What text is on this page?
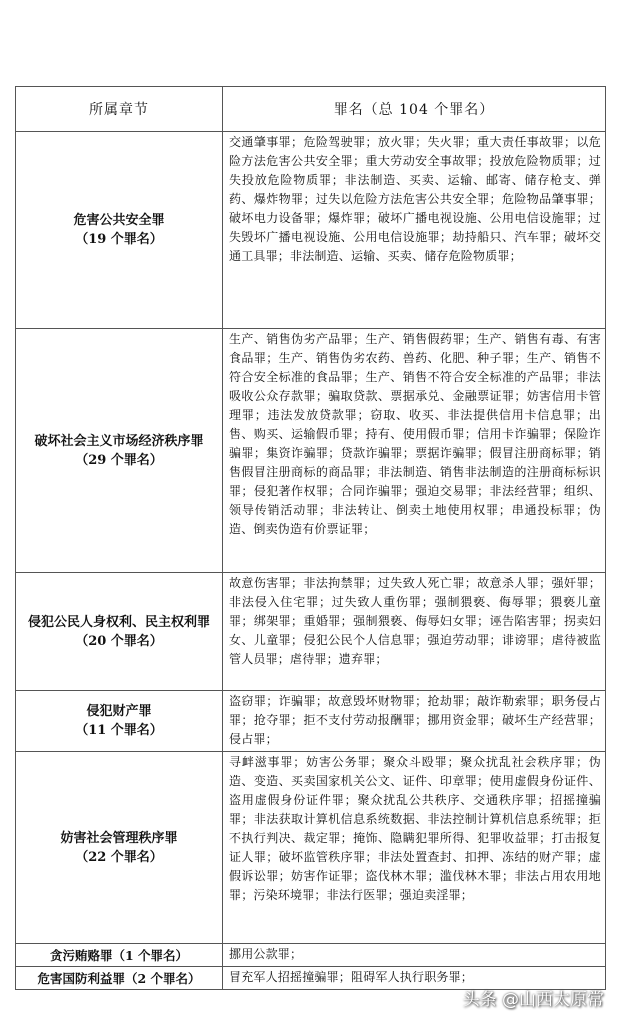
所属章节	罪名（总 104 个罪名）

危害公共安全罪
（19 个罪名）	交通肇事罪；危险驾驶罪；放火罪；失火罪；重大责任事故罪；以危险方法危害公共安全罪；重大劳动安全事故罪；投放危险物质罪；过失投放危险物质罪；非法制造、买卖、运输、邮寄、储存枪支、弹药、爆炸物罪；过失以危险方法危害公共安全罪；危险物品肇事罪；破坏电力设备罪；爆炸罪；破坏广播电视设施、公用电信设施罪；过失毁坏广播电视设施、公用电信设施罪；劫持船只、汽车罪；破坏交通工具罪；非法制造、运输、买卖、储存危险物质罪；

破坏社会主义市场经济秩序罪
（29 个罪名）	生产、销售伪劣产品罪；生产、销售假药罪；生产、销售有毒、有害食品罪；生产、销售伪劣农药、兽药、化肥、种子罪；生产、销售不符合安全标准的食品罪；生产、销售不符合安全标准的产品罪；非法吸收公众存款罪；骗取贷款、票据承兑、金融票证罪；妨害信用卡管理罪；违法发放贷款罪；窃取、收买、非法提供信用卡信息罪；出售、购买、运输假币罪；持有、使用假币罪；信用卡诈骗罪；保险诈骗罪；集资诈骗罪；贷款诈骗罪；票据诈骗罪；假冒注册商标罪；销售假冒注册商标的商品罪；非法制造、销售非法制造的注册商标标识罪；侵犯著作权罪；合同诈骗罪；强迫交易罪；非法经营罪；组织、领导传销活动罪；非法转让、倒卖土地使用权罪；串通投标罪；伪造、倒卖伪造有价票证罪；

侵犯公民人身权利、民主权利罪
（20 个罪名）	故意伤害罪；非法拘禁罪；过失致人死亡罪；故意杀人罪；强奸罪；非法侵入住宅罪；过失致人重伤罪；强制猥亵、侮辱罪；猥亵儿童罪；绑架罪；重婚罪；强制猥亵、侮辱妇女罪；诬告陷害罪；拐卖妇女、儿童罪；侵犯公民个人信息罪；强迫劳动罪；诽谤罪；虐待被监管人员罪；虐待罪；遗弃罪；

侵犯财产罪
（11 个罪名）	盗窃罪；诈骗罪；故意毁坏财物罪；抢劫罪；敲诈勒索罪；职务侵占罪；抢夺罪；拒不支付劳动报酬罪；挪用资金罪；破坏生产经营罪；侵占罪；

妨害社会管理秩序罪
（22 个罪名）	寻衅滋事罪；妨害公务罪；聚众斗殴罪；聚众扰乱社会秩序罪；伪造、变造、买卖国家机关公文、证件、印章罪；使用虚假身份证件、盗用虚假身份证件罪；聚众扰乱公共秩序、交通秩序罪；招摇撞骗罪；非法获取计算机信息系统数据、非法控制计算机信息系统罪；拒不执行判决、裁定罪；掩饰、隐瞒犯罪所得、犯罪收益罪；打击报复证人罪；破坏监管秩序罪；非法处置查封、扣押、冻结的财产罪；虚假诉讼罪；妨害作证罪；盗伐林木罪；滥伐林木罪；非法占用农用地罪；污染环境罪；非法行医罪；强迫卖淫罪；
贪污贿赂罪（1 个罪名）	挪用公款罪；
危害国防利益罪（2 个罪名）	冒充军人招摇撞骗罪；阻碍军人执行职务罪；
头条 @山西太原常
